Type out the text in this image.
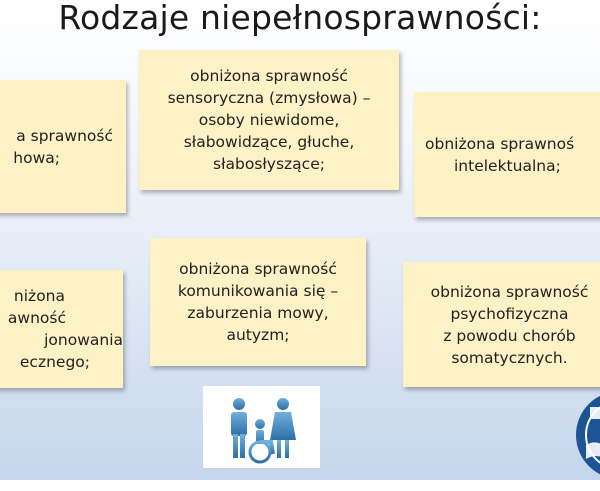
Rodzaje niepełnosprawności:
a sprawność
howa;
obniżona sprawność
sensoryczna (zmysłowa) –
osoby niewidome,
słabowidzące, głuche,
słabosłyszące;
obniżona sprawnoś
intelektualna;
niżona
awność
jonowania
ecznego;
obniżona sprawność
komunikowania się –
zaburzenia mowy,
autyzm;
obniżona sprawność
psychofizyczna
z powodu chorób
somatycznych.
